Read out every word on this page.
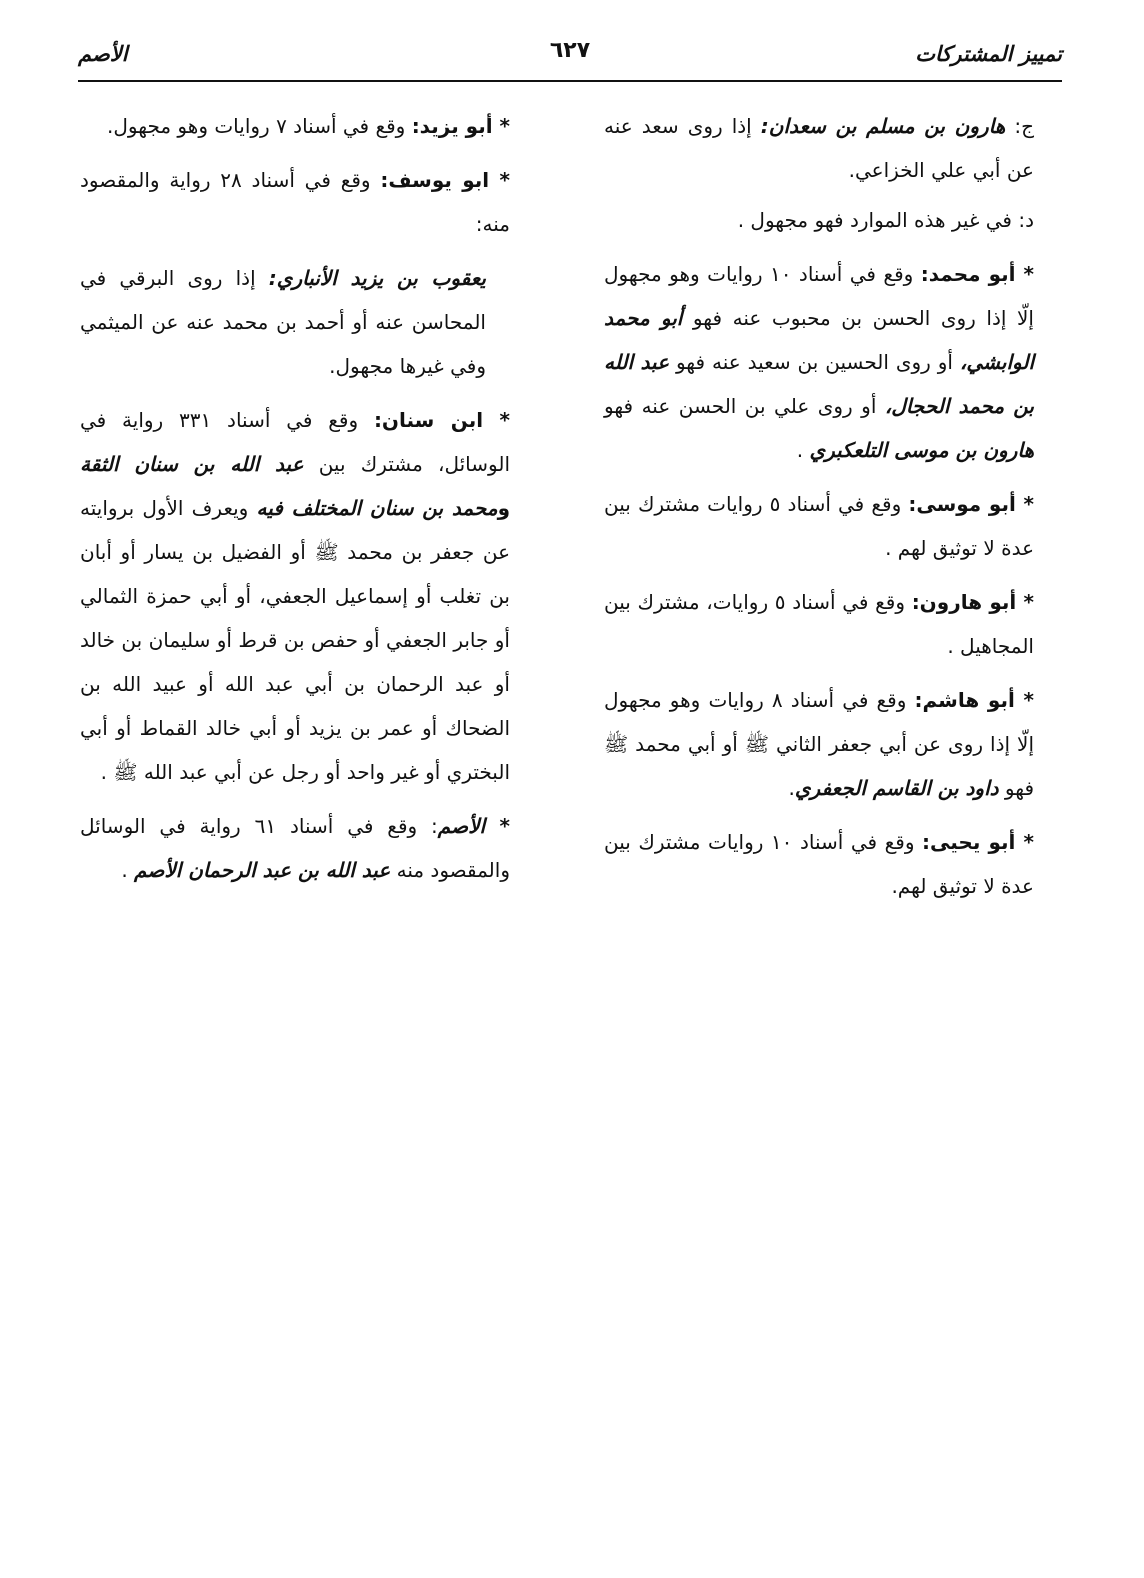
تمييز المشتركات
٦٢٧
الأصم

ج: هارون بن مسلم بن سعدان: إذا روى سعد عنه عن أبي علي الخزاعي.

د: في غير هذه الموارد فهو مجهول .

* أبو محمد: وقع في أسناد ١٠ روايات وهو مجهول إلّا إذا روى الحسن بن محبوب عنه فهو أبو محمد الوابشي، أو روى الحسين بن سعيد عنه فهو عبد الله بن محمد الحجال، أو روى علي بن الحسن عنه فهو هارون بن موسى التلعكبري .

* أبو موسى: وقع في أسناد ٥ روايات مشترك بين عدة لا توثيق لهم .

* أبو هارون: وقع في أسناد ٥ روايات، مشترك بين المجاهيل .

* أبو هاشم: وقع في أسناد ٨ روايات وهو مجهول إلّا إذا روى عن أبي جعفر الثاني ﷺ أو أبي محمد ﷺ فهو داود بن القاسم الجعفري.

* أبو يحيى: وقع في أسناد ١٠ روايات مشترك بين عدة لا توثيق لهم.

* أبو يزيد: وقع في أسناد ٧ روايات وهو مجهول.

* ابو يوسف: وقع في أسناد ٢٨ رواية والمقصود منه:

يعقوب بن يزيد الأنباري: إذا روى البرقي في المحاسن عنه أو أحمد بن محمد عنه عن الميثمي وفي غيرها مجهول.

* ابن سنان: وقع في أسناد ٣٣١ رواية في الوسائل، مشترك بين عبد الله بن سنان الثقة ومحمد بن سنان المختلف فيه ويعرف الأول بروايته عن جعفر بن محمد ﷺ أو الفضيل بن يسار أو أبان بن تغلب أو إسماعيل الجعفي، أو أبي حمزة الثمالي أو جابر الجعفي أو حفص بن قرط أو سليمان بن خالد أو عبد الرحمان بن أبي عبد الله أو عبيد الله بن الضحاك أو عمر بن يزيد أو أبي خالد القماط أو أبي البختري أو غير واحد أو رجل عن أبي عبد الله ﷺ .

* الأصم: وقع في أسناد ٦١ رواية في الوسائل والمقصود منه عبد الله بن عبد الرحمان الأصم .
